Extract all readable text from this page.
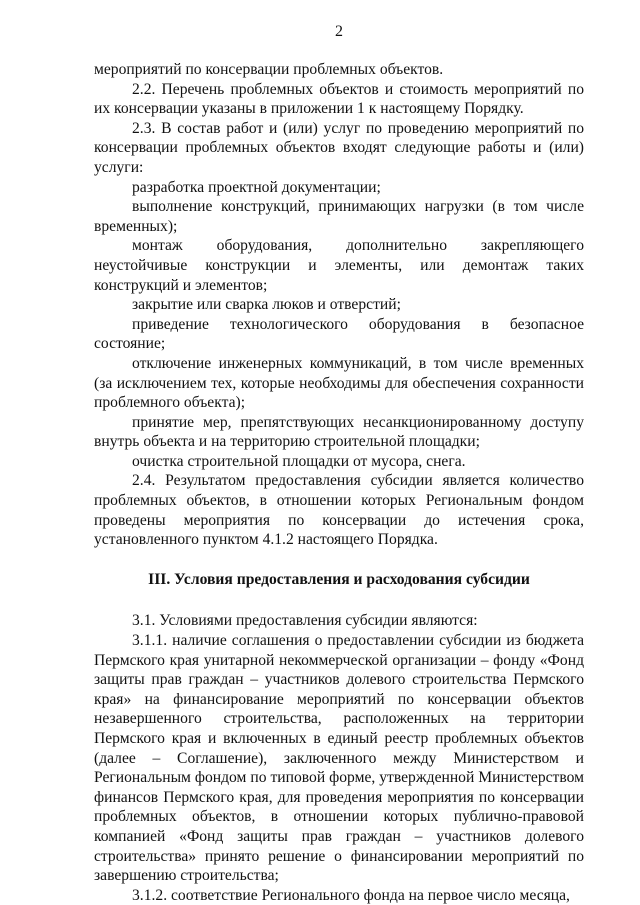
2

мероприятий по консервации проблемных объектов.

2.2. Перечень проблемных объектов и стоимость мероприятий по их консервации указаны в приложении 1 к настоящему Порядку.

2.3. В состав работ и (или) услуг по проведению мероприятий по консервации проблемных объектов входят следующие работы и (или) услуги:

разработка проектной документации;

выполнение конструкций, принимающих нагрузки (в том числе временных);

монтаж оборудования, дополнительно закрепляющего неустойчивые конструкции и элементы, или демонтаж таких конструкций и элементов;

закрытие или сварка люков и отверстий;

приведение технологического оборудования в безопасное состояние;

отключение инженерных коммуникаций, в том числе временных (за исключением тех, которые необходимы для обеспечения сохранности проблемного объекта);

принятие мер, препятствующих несанкционированному доступу внутрь объекта и на территорию строительной площадки;

очистка строительной площадки от мусора, снега.

2.4. Результатом предоставления субсидии является количество проблемных объектов, в отношении которых Региональным фондом проведены мероприятия по консервации до истечения срока, установленного пунктом 4.1.2 настоящего Порядка.

III. Условия предоставления и расходования субсидии

3.1. Условиями предоставления субсидии являются:

3.1.1. наличие соглашения о предоставлении субсидии из бюджета Пермского края унитарной некоммерческой организации – фонду «Фонд защиты прав граждан – участников долевого строительства Пермского края» на финансирование мероприятий по консервации объектов незавершенного строительства, расположенных на территории Пермского края и включенных в единый реестр проблемных объектов (далее – Соглашение), заключенного между Министерством и Региональным фондом по типовой форме, утвержденной Министерством финансов Пермского края, для проведения мероприятия по консервации проблемных объектов, в отношении которых публично-правовой компанией «Фонд защиты прав граждан – участников долевого строительства» принято решение о финансировании мероприятий по завершению строительства;

3.1.2. соответствие Регионального фонда на первое число месяца,
